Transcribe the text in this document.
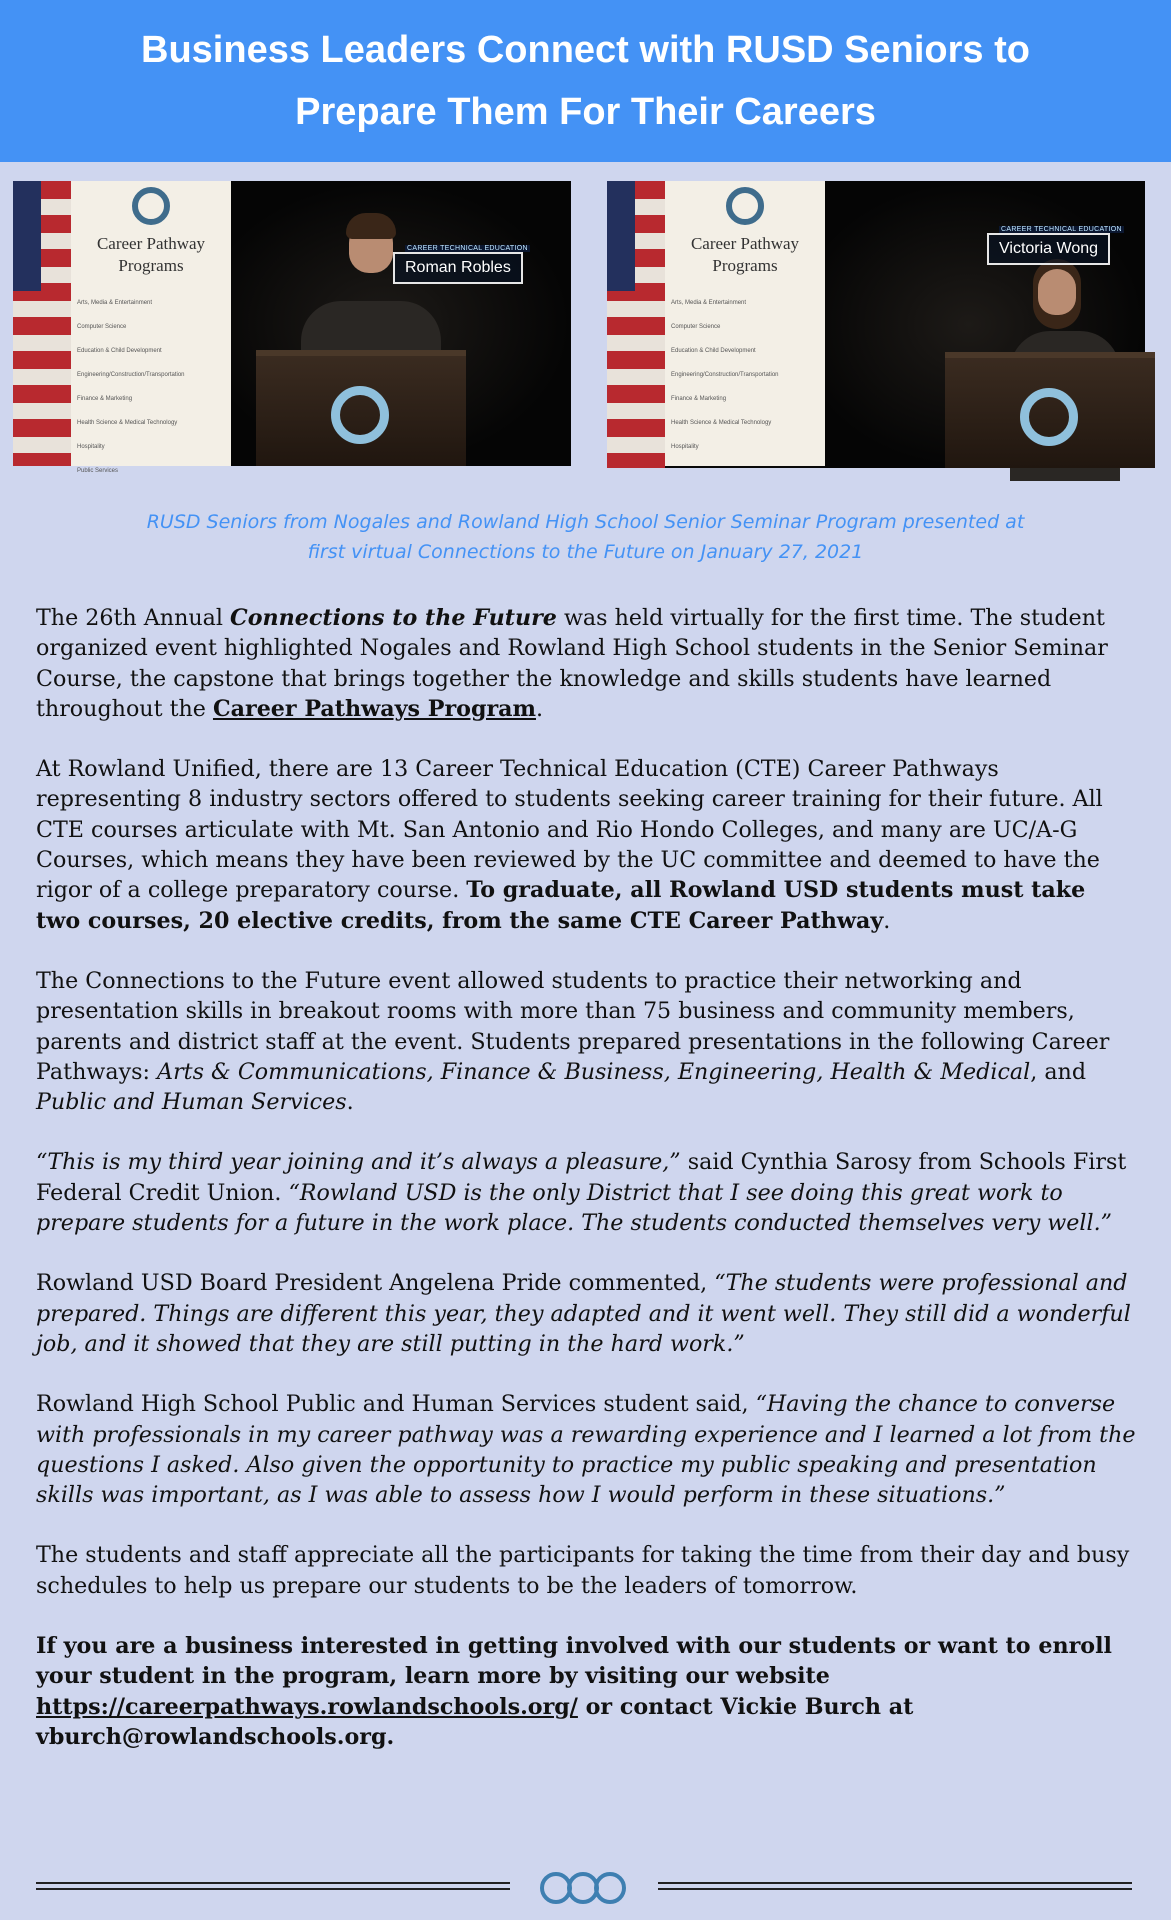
Business Leaders Connect with RUSD Seniors to
Prepare Them For Their Careers
Career Pathway Programs
Arts, Media & Entertainment
Computer Science
Education & Child Development
Engineering/Construction/Transportation
Finance & Marketing
Health Science & Medical Technology
Hospitality
Public Services
CAREER TECHNICAL EDUCATION
Roman Robles
Career Pathway Programs
Arts, Media & Entertainment
Computer Science
Education & Child Development
Engineering/Construction/Transportation
Finance & Marketing
Health Science & Medical Technology
Hospitality
CAREER TECHNICAL EDUCATION
Victoria Wong
RUSD Seniors from Nogales and Rowland High School Senior Seminar Program presented at
first virtual Connections to the Future on January 27, 2021

The 26th Annual Connections to the Future was held virtually for the first time. The student organized event highlighted Nogales and Rowland High School students in the Senior Seminar Course, the capstone that brings together the knowledge and skills students have learned throughout the Career Pathways Program.

At Rowland Unified, there are 13 Career Technical Education (CTE) Career Pathways representing 8 industry sectors offered to students seeking career training for their future. All CTE courses articulate with Mt. San Antonio and Rio Hondo Colleges, and many are UC/A-G Courses, which means they have been reviewed by the UC committee and deemed to have the rigor of a college preparatory course. To graduate, all Rowland USD students must take two courses, 20 elective credits, from the same CTE Career Pathway.

The Connections to the Future event allowed students to practice their networking and presentation skills in breakout rooms with more than 75 business and community members, parents and district staff at the event. Students prepared presentations in the following Career Pathways: Arts & Communications, Finance & Business, Engineering, Health & Medical, and Public and Human Services.

“This is my third year joining and it’s always a pleasure,” said Cynthia Sarosy from Schools First Federal Credit Union. “Rowland USD is the only District that I see doing this great work to prepare students for a future in the work place. The students conducted themselves very well.”

Rowland USD Board President Angelena Pride commented, “The students were professional and prepared. Things are different this year, they adapted and it went well. They still did a wonderful job, and it showed that they are still putting in the hard work.”

Rowland High School Public and Human Services student said, “Having the chance to converse with professionals in my career pathway was a rewarding experience and I learned a lot from the questions I asked. Also given the opportunity to practice my public speaking and presentation skills was important, as I was able to assess how I would perform in these situations.”

The students and staff appreciate all the participants for taking the time from their day and busy schedules to help us prepare our students to be the leaders of tomorrow.

If you are a business interested in getting involved with our students or want to enroll your student in the program, learn more by visiting our website https://careerpathways.rowlandschools.org/ or contact Vickie Burch at vburch@rowlandschools.org.
